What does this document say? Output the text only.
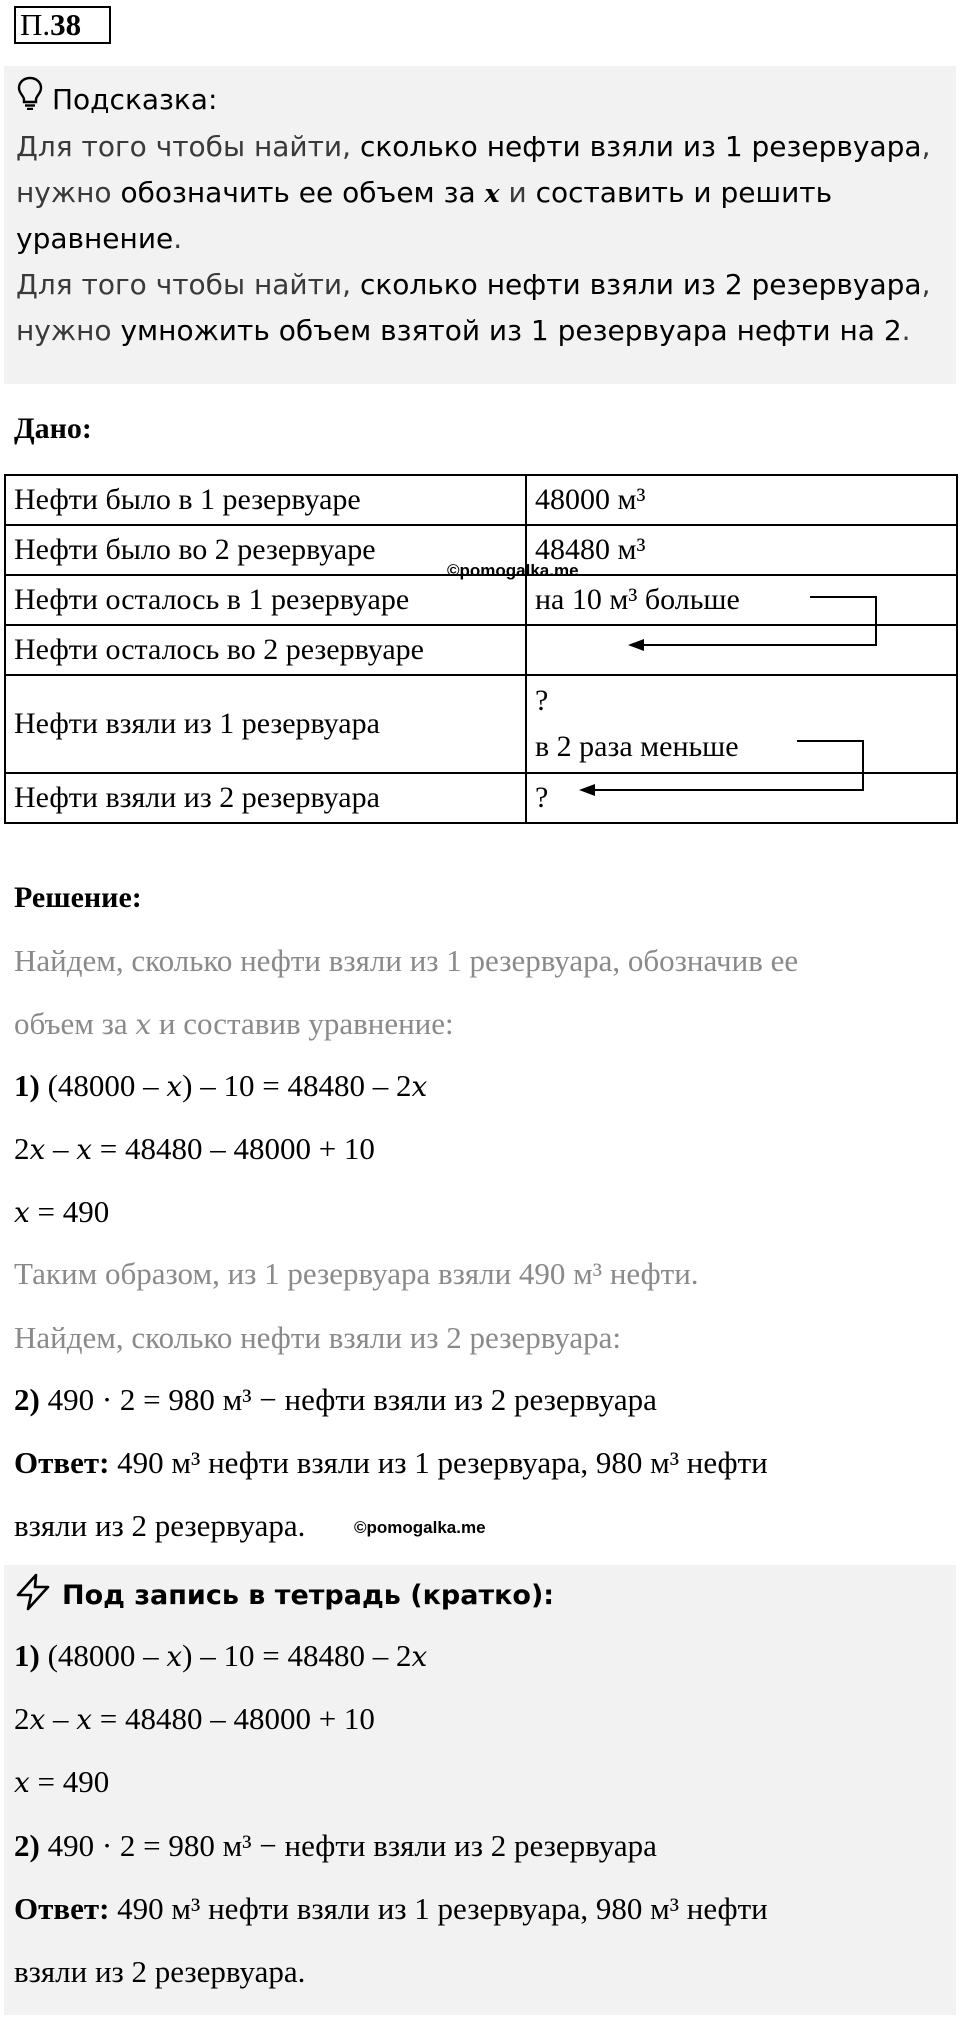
П.38
Подсказка:
Для того чтобы найти, сколько нефти взяли из 1 резервуара,
нужно обозначить ее объем за x и составить и решить
уравнение.
Для того чтобы найти, сколько нефти взяли из 2 резервуара,
нужно умножить объем взятой из 1 резервуара нефти на 2.
Дано:
Нефти было в 1 резервуаре	48000 м³
Нефти было во 2 резервуаре	48480 м³
Нефти осталось в 1 резервуаре	на 10 м³ больше
Нефти осталось во 2 резервуаре	
Нефти взяли из 1 резервуара	?
в 2 раза меньше

Нефти взяли из 2 резервуара	?
©pomogalka.me
Решение:
Найдем, сколько нефти взяли из 1 резервуара, обозначив ее
объем за x и составив уравнение:
1) (48000 – x) – 10 = 48480 – 2x
2x – x = 48480 – 48000 + 10
x = 490
Таким образом, из 1 резервуара взяли 490 м³ нефти.
Найдем, сколько нефти взяли из 2 резервуара:
2) 490 · 2 = 980 м³ − нефти взяли из 2 резервуара
Ответ: 490 м³ нефти взяли из 1 резервуара, 980 м³ нефти
взяли из 2 резервуара.	©pomogalka.me
Под запись в тетрадь (кратко):
1) (48000 – x) – 10 = 48480 – 2x
2x – x = 48480 – 48000 + 10
x = 490
2) 490 · 2 = 980 м³ − нефти взяли из 2 резервуара
Ответ: 490 м³ нефти взяли из 1 резервуара, 980 м³ нефти
взяли из 2 резервуара.
